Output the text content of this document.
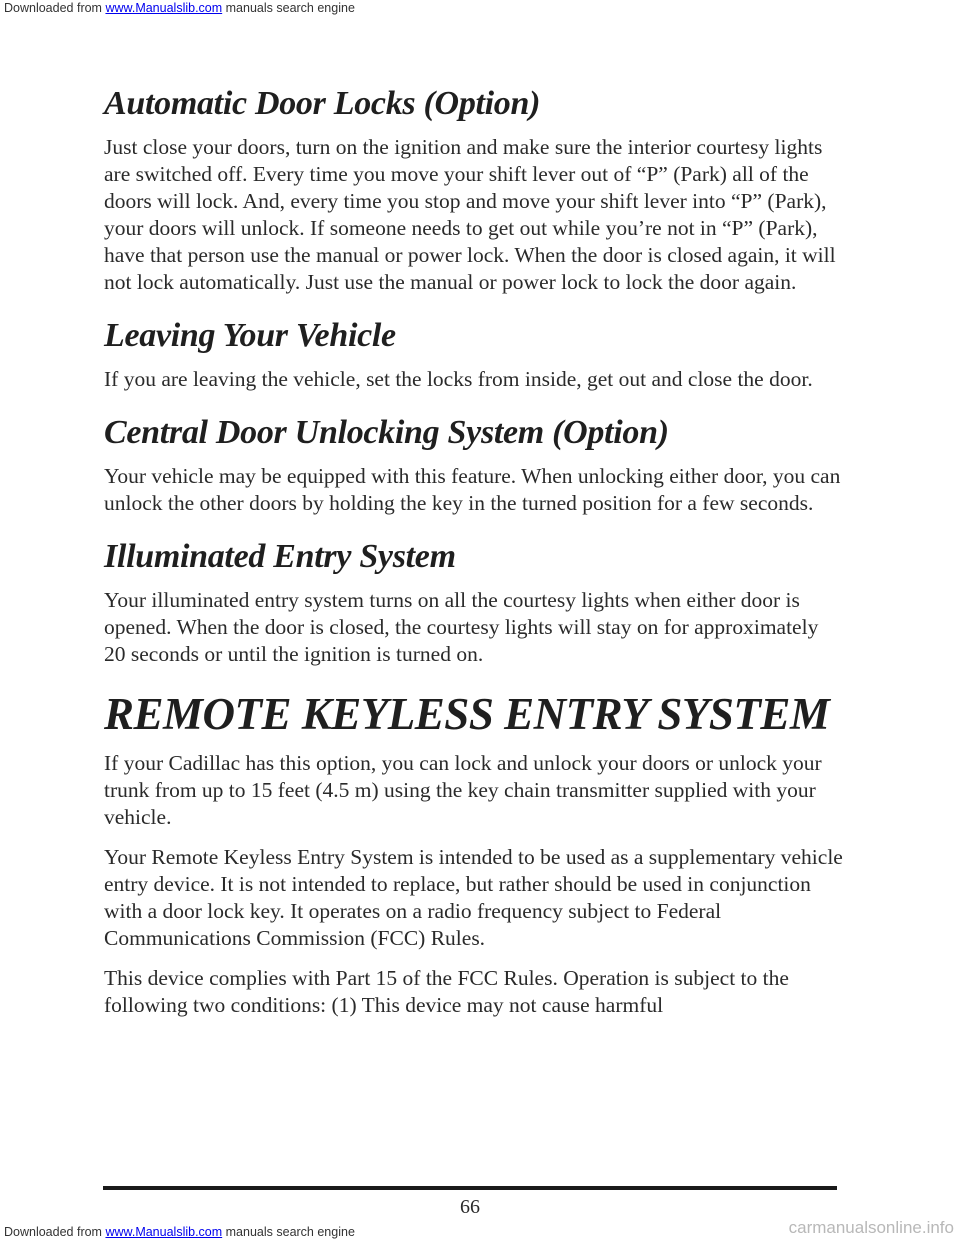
Downloaded from www.Manualslib.com manuals search engine
Automatic Door Locks (Option)

Just close your doors, turn on the ignition and make sure the interior courtesy lights are switched off. Every time you move your shift lever out of “P” (Park) all of the doors will lock. And, every time you stop and move your shift lever into “P” (Park), your doors will unlock. If someone needs to get out while you’re not in “P” (Park), have that person use the manual or power lock. When the door is closed again, it will not lock automatically. Just use the manual or power lock to lock the door again.

Leaving Your Vehicle

If you are leaving the vehicle, set the locks from inside, get out and close the door.

Central Door Unlocking System (Option)

Your vehicle may be equipped with this feature. When unlocking either door, you can unlock the other doors by holding the key in the turned position for a few seconds.

Illuminated Entry System

Your illuminated entry system turns on all the courtesy lights when either door is opened. When the door is closed, the courtesy lights will stay on for approximately 20 seconds or until the ignition is turned on.

REMOTE KEYLESS ENTRY SYSTEM

If your Cadillac has this option, you can lock and unlock your doors or unlock your trunk from up to 15 feet (4.5 m) using the key chain transmitter supplied with your vehicle.

Your Remote Keyless Entry System is intended to be used as a supplementary vehicle entry device. It is not intended to replace, but rather should be used in conjunction with a door lock key. It operates on a radio frequency subject to Federal Communications Commission (FCC) Rules.

This device complies with Part 15 of the FCC Rules. Operation is subject to the following two conditions: (1) This device may not cause harmful

66
Downloaded from www.Manualslib.com manuals search engine	carmanualsonline.info
